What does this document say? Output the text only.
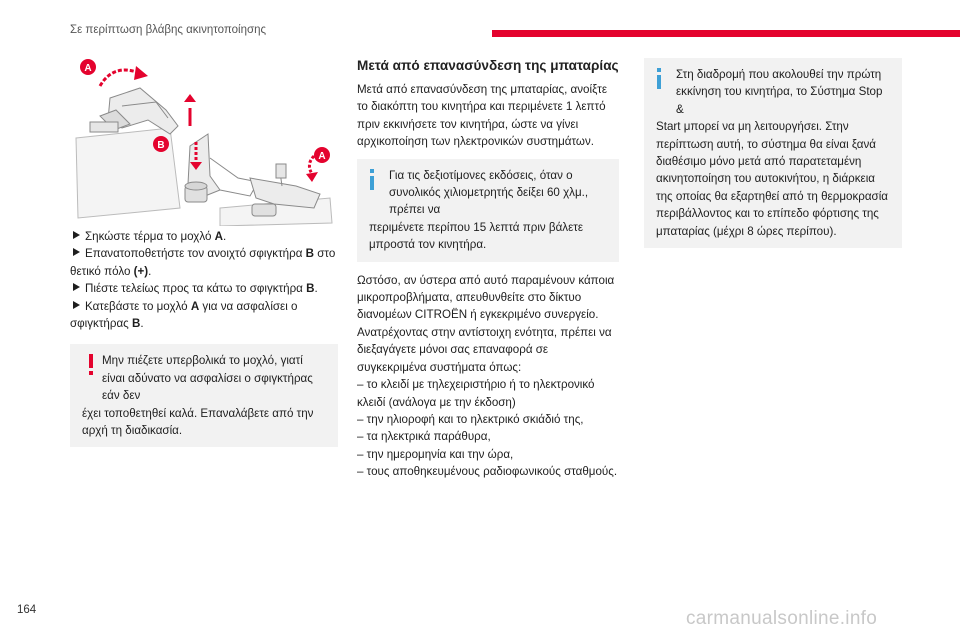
Σε περίπτωση βλάβης ακινητοποίησης
A
B
A

Σηκώστε τέρμα το μοχλό A.

Επανατοποθετήστε τον ανοιχτό σφιγκτήρα B στο θετικό πόλο (+).

Πιέστε τελείως προς τα κάτω το σφιγκτήρα B.

Κατεβάστε το μοχλό A για να ασφαλίσει ο σφιγκτήρας B.

Μην πιέζετε υπερβολικά το μοχλό, γιατί είναι αδύνατο να ασφαλίσει ο σφιγκτήρας εάν δεν

έχει τοποθετηθεί καλά. Επαναλάβετε από την αρχή τη διαδικασία.

Μετά από επανασύνδεση της μπαταρίας

Μετά από επανασύνδεση της μπαταρίας, ανοίξτε το διακόπτη του κινητήρα και περιμένετε 1 λεπτό πριν εκκινήσετε τον κινητήρα, ώστε να γίνει αρχικοποίηση των ηλεκτρονικών συστημάτων.

Για τις δεξιοτίμονες εκδόσεις, όταν ο συνολικός χιλιομετρητής δείξει 60 χλμ., πρέπει να

περιμένετε περίπου 15 λεπτά πριν βάλετε μπροστά τον κινητήρα.

Ωστόσο, αν ύστερα από αυτό παραμένουν κάποια μικροπροβλήματα, απευθυνθείτε στο δίκτυο διανομέων CITROËN ή εγκεκριμένο συνεργείο.

Ανατρέχοντας στην αντίστοιχη ενότητα, πρέπει να διεξαγάγετε μόνοι σας επαναφορά σε συγκεκριμένα συστήματα όπως:

– το κλειδί με τηλεχειριστήριο ή το ηλεκτρονικό κλειδί (ανάλογα με την έκδοση)

– την ηλιοροφή και το ηλεκτρικό σκιάδιό της,

– τα ηλεκτρικά παράθυρα,

– την ημερομηνία και την ώρα,

– τους αποθηκευμένους ραδιοφωνικούς σταθμούς.

Στη διαδρομή που ακολουθεί την πρώτη εκκίνηση του κινητήρα, το Σύστημα Stop &

Start μπορεί να μη λειτουργήσει. Στην περίπτωση αυτή, το σύστημα θα είναι ξανά διαθέσιμο μόνο μετά από παρατεταμένη ακινητοποίηση του αυτοκινήτου, η διάρκεια της οποίας θα εξαρτηθεί από τη θερμοκρασία περιβάλλοντος και το επίπεδο φόρτισης της μπαταρίας (μέχρι 8 ώρες περίπου).

164	carmanualsonline.info
